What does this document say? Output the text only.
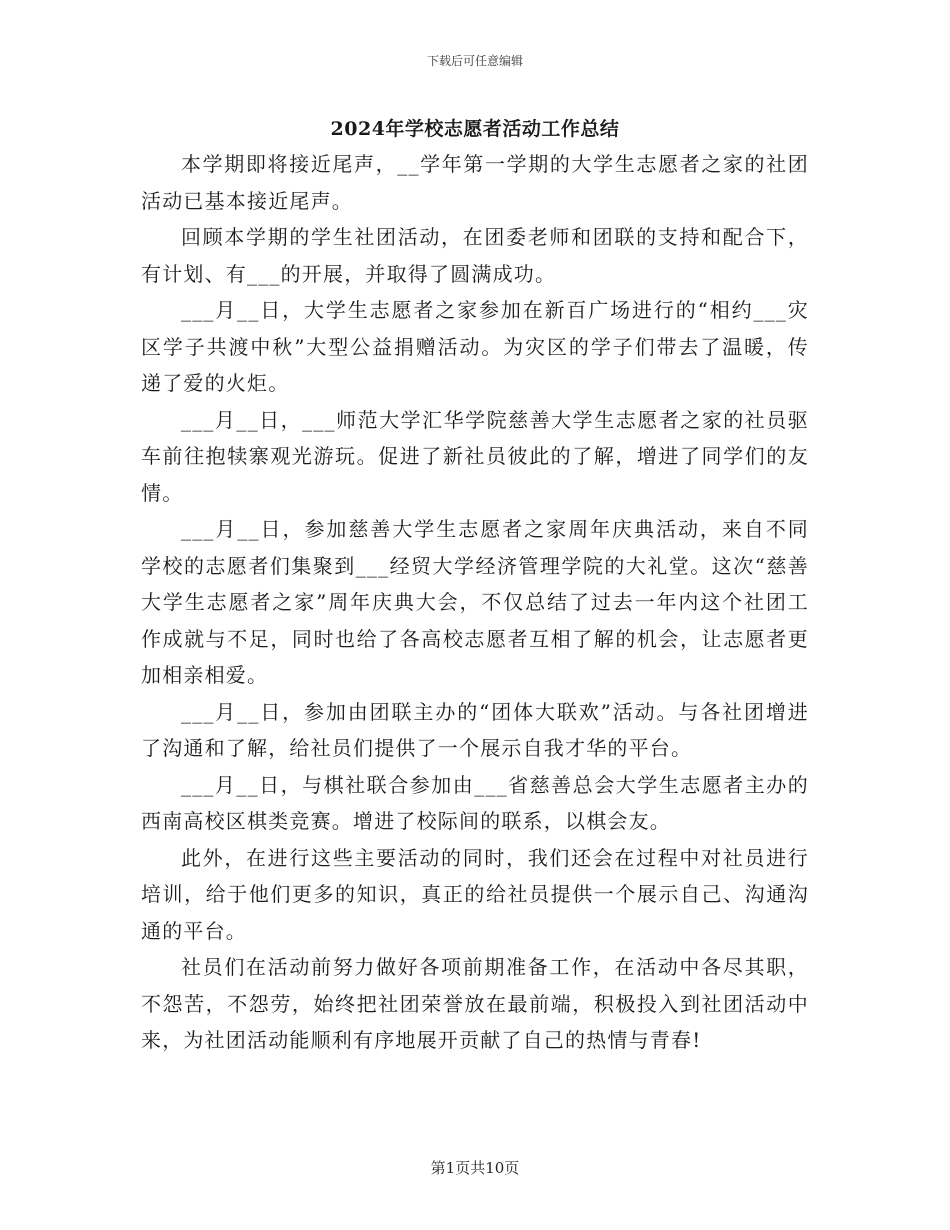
下载后可任意编辑
2024年学校志愿者活动工作总结

本学期即将接近尾声，__学年第一学期的大学生志愿者之家的社团活动已基本接近尾声。

回顾本学期的学生社团活动，在团委老师和团联的支持和配合下，有计划、有___的开展，并取得了圆满成功。

___月__日，大学生志愿者之家参加在新百广场进行的“相约___灾区学子共渡中秋”大型公益捐赠活动。为灾区的学子们带去了温暖，传递了爱的火炬。

___月__日，___师范大学汇华学院慈善大学生志愿者之家的社员驱车前往抱犊寨观光游玩。促进了新社员彼此的了解，增进了同学们的友情。

___月__日，参加慈善大学生志愿者之家周年庆典活动，来自不同学校的志愿者们集聚到___经贸大学经济管理学院的大礼堂。这次“慈善大学生志愿者之家”周年庆典大会，不仅总结了过去一年内这个社团工作成就与不足，同时也给了各高校志愿者互相了解的机会，让志愿者更加相亲相爱。

___月__日，参加由团联主办的“团体大联欢”活动。与各社团增进了沟通和了解，给社员们提供了一个展示自我才华的平台。

___月__日，与棋社联合参加由___省慈善总会大学生志愿者主办的西南高校区棋类竞赛。增进了校际间的联系，以棋会友。

此外，在进行这些主要活动的同时，我们还会在过程中对社员进行培训，给于他们更多的知识，真正的给社员提供一个展示自己、沟通沟通的平台。

社员们在活动前努力做好各项前期准备工作，在活动中各尽其职，不怨苦，不怨劳，始终把社团荣誉放在最前端，积极投入到社团活动中来，为社团活动能顺利有序地展开贡献了自己的热情与青春!

第1页共10页
